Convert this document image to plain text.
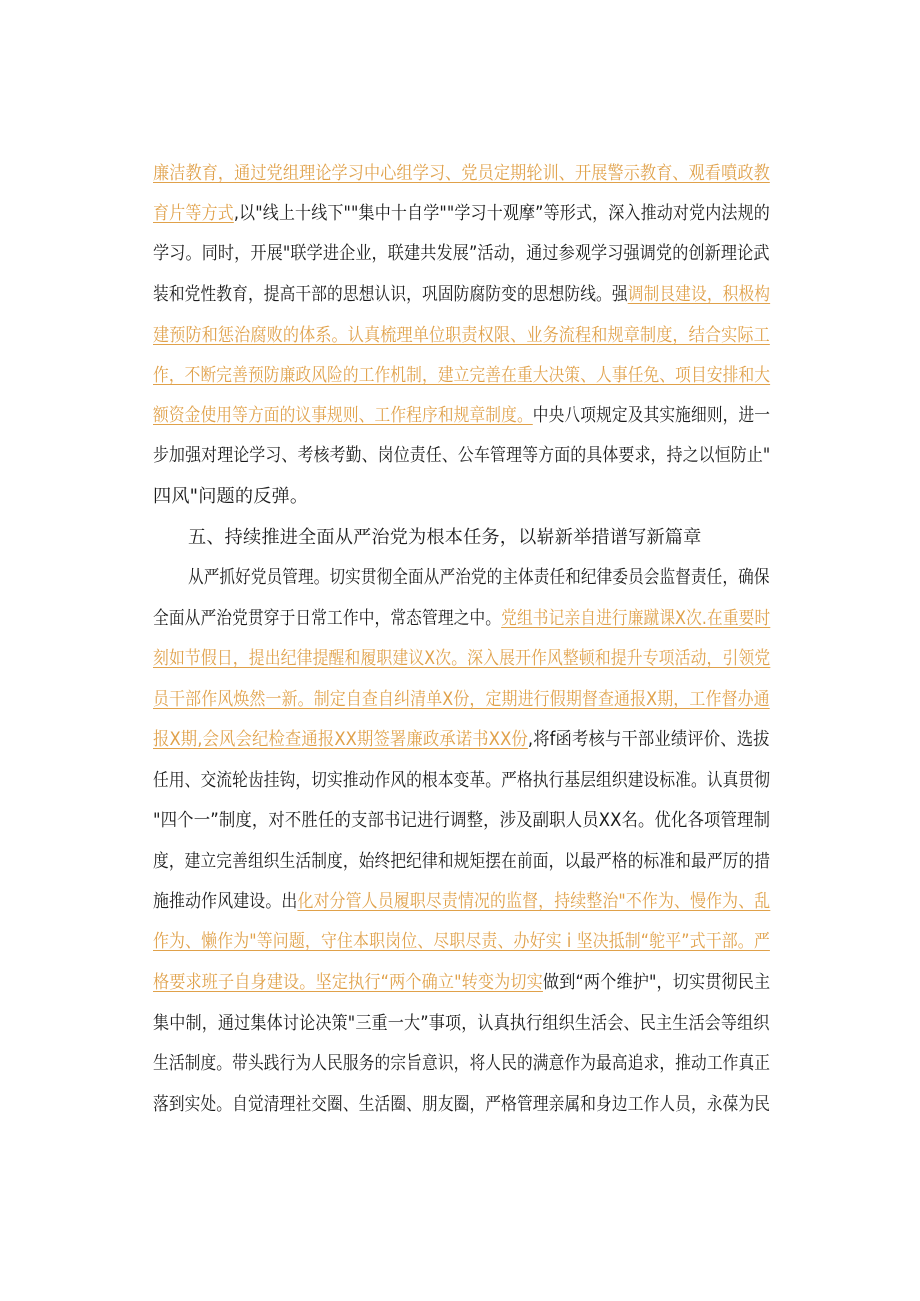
廉洁教育，通过党组理论学习中心组学习、党员定期轮训、开展警示教育、观看噴政教
育片等方式,以"线上十线下""集中十自学""学习十观摩”等形式，深入推动对党内法规的
学习。同时，开展"联学进企业，联建共发展”活动，通过参观学习强调党的创新理论武
装和党性教育，提高干部的思想认识，巩固防腐防变的思想防线。强调制艮建设，积极构
建预防和惩治腐败的体系。认真梳理单位职责权限、业务流程和规章制度，结合实际工
作，不断完善预防廉政风险的工作机制，建立完善在重大决策、人事任免、项目安排和大
额资金使用等方面的议事规则、工作程序和规章制度。中央八项规定及其实施细则，进一
步加强对理论学习、考核考勤、岗位责任、公车管理等方面的具体要求，持之以恒防止"
四风"问题的反弹。
五、持续推进全面从严治党为根本任务，以崭新举措谱写新篇章
从严抓好党员管理。切实贯彻全面从严治党的主体责任和纪律委员会监督责任，确保
全面从严治党贯穿于日常工作中，常态管理之中。党组书记亲自进行廉蹴课X次.在重要时
刻如节假日，提出纪律提醒和履职建议X次。深入展开作风整顿和提升专项活动，引领党
员干部作风焕然一新。制定自查自纠清单X份，定期进行假期督查通报X期，工作督办通
报X期,会风会纪检查通报XX期签署廉政承诺书XX份,将f函考核与干部业绩评价、选拔
任用、交流轮齿挂钩，切实推动作风的根本变革。严格执行基层组织建设标准。认真贯彻
"四个一”制度，对不胜任的支部书记进行调整，涉及副职人员XX名。优化各项管理制
度，建立完善组织生活制度，始终把纪律和规矩摆在前面，以最严格的标准和最严厉的措
施推动作风建设。出化对分管人员履职尽责情况的监督，持续整治"不作为、慢作为、乱
作为、懒作为"等问题，守住本职岗位、尽职尽责、办好实 i 坚决抵制“鸵平”式干部。严
格要求班子自身建设。坚定执行“两个确立"转变为切实做到“两个维护"，切实贯彻民主
集中制，通过集体讨论决策"三重一大”事项，认真执行组织生活会、民主生活会等组织
生活制度。带头践行为人民服务的宗旨意识，将人民的满意作为最高追求，推动工作真正
落到实处。自觉清理社交圈、生活圈、朋友圈，严格管理亲属和身边工作人员，永葆为民
